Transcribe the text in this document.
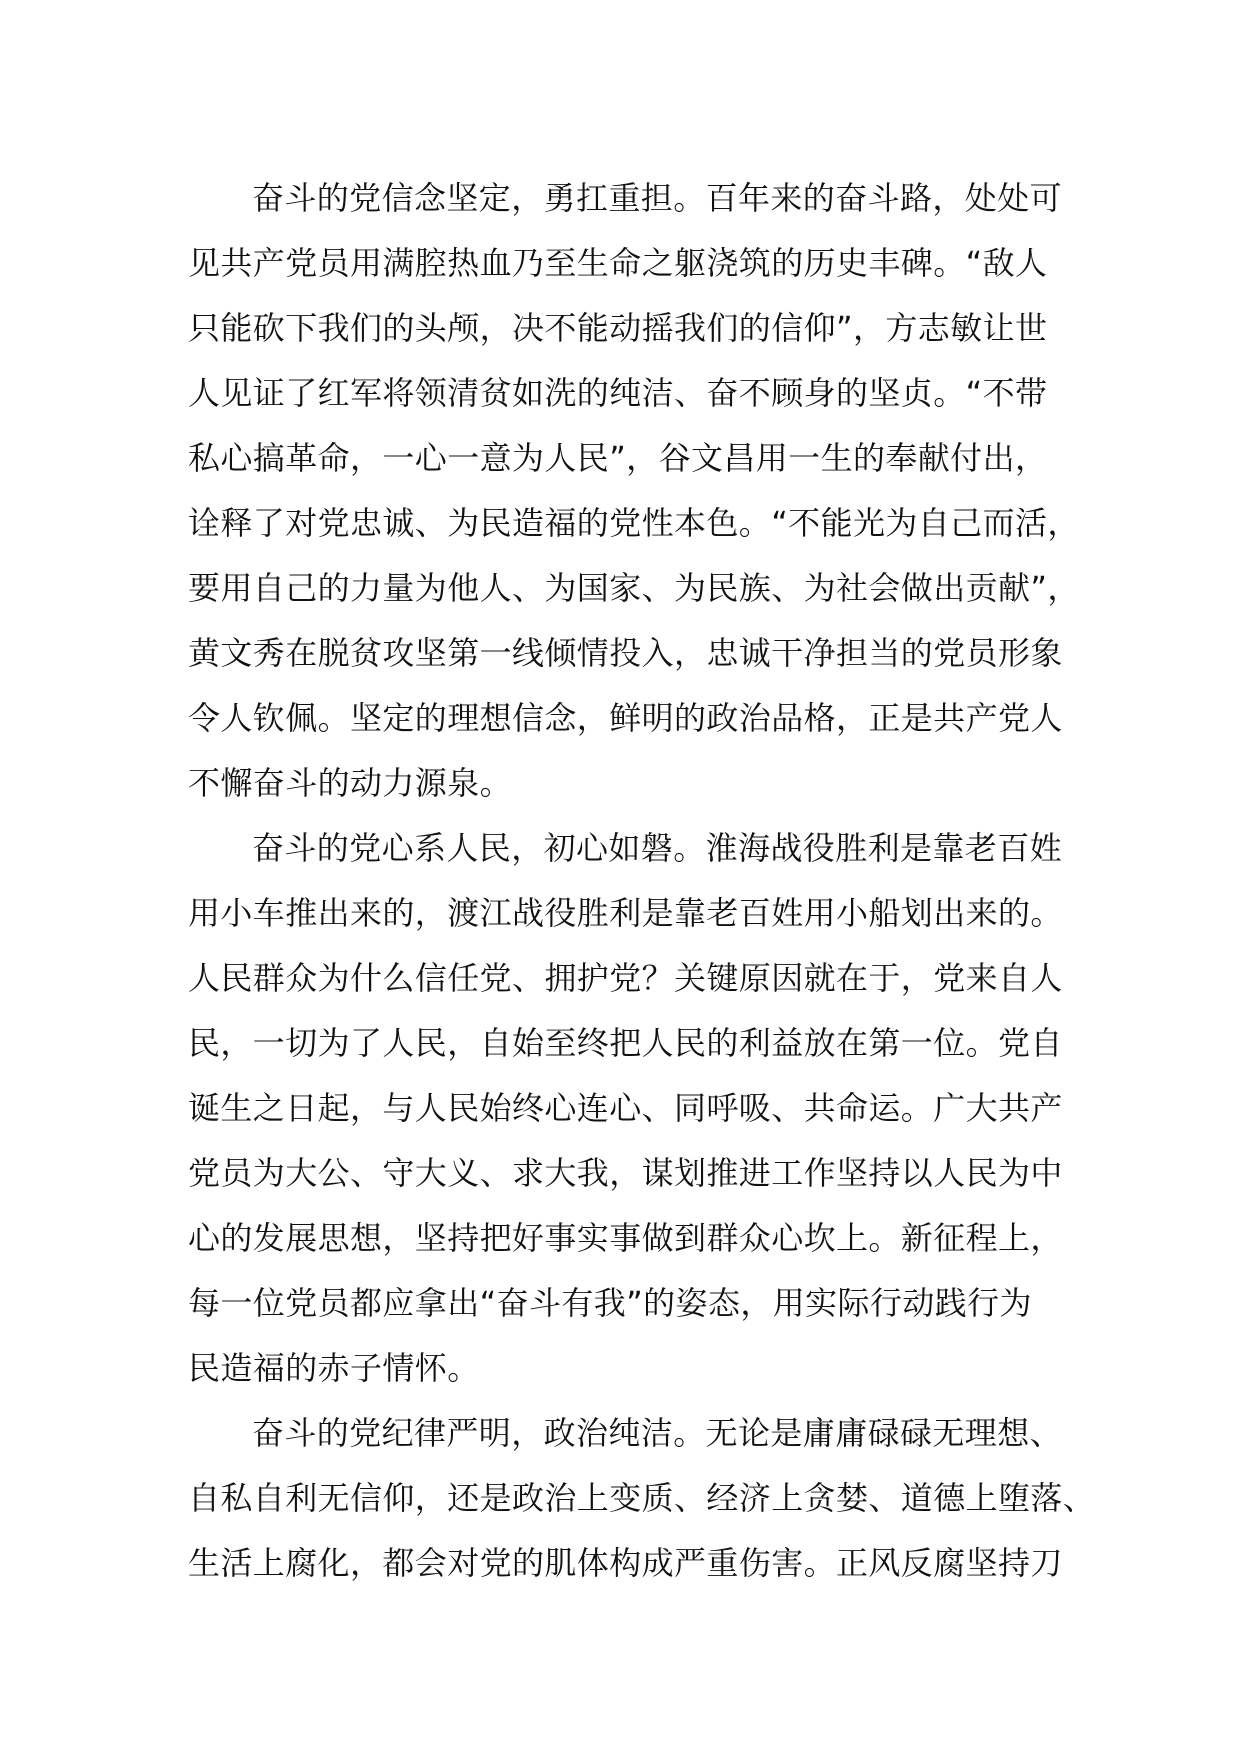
奋斗的党信念坚定，勇扛重担。百年来的奋斗路，处处可
见共产党员用满腔热血乃至生命之躯浇筑的历史丰碑。“敌人
只能砍下我们的头颅，决不能动摇我们的信仰”，方志敏让世
人见证了红军将领清贫如洗的纯洁、奋不顾身的坚贞。“不带
私心搞革命，一心一意为人民”，谷文昌用一生的奉献付出，
诠释了对党忠诚、为民造福的党性本色。“不能光为自己而活，
要用自己的力量为他人、为国家、为民族、为社会做出贡献”，
黄文秀在脱贫攻坚第一线倾情投入，忠诚干净担当的党员形象
令人钦佩。坚定的理想信念，鲜明的政治品格，正是共产党人
不懈奋斗的动力源泉。

奋斗的党心系人民，初心如磐。淮海战役胜利是靠老百姓
用小车推出来的，渡江战役胜利是靠老百姓用小船划出来的。
人民群众为什么信任党、拥护党？关键原因就在于，党来自人
民，一切为了人民，自始至终把人民的利益放在第一位。党自
诞生之日起，与人民始终心连心、同呼吸、共命运。广大共产
党员为大公、守大义、求大我，谋划推进工作坚持以人民为中
心的发展思想，坚持把好事实事做到群众心坎上。新征程上，
每一位党员都应拿出“奋斗有我”的姿态，用实际行动践行为
民造福的赤子情怀。

奋斗的党纪律严明，政治纯洁。无论是庸庸碌碌无理想、
自私自利无信仰，还是政治上变质、经济上贪婪、道德上堕落、
生活上腐化，都会对党的肌体构成严重伤害。正风反腐坚持刀
